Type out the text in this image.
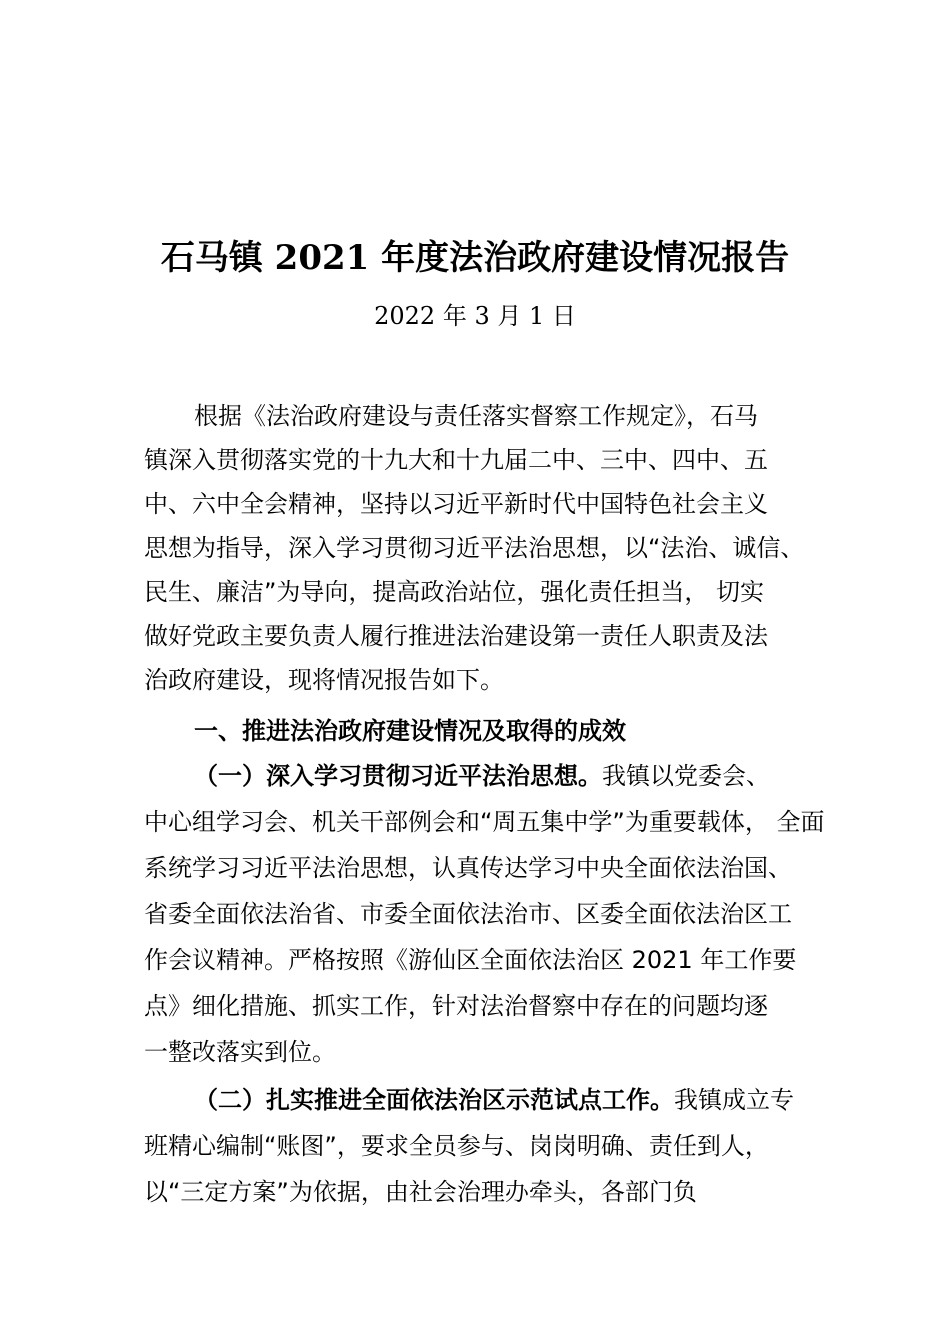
石马镇 2021 年度法治政府建设情况报告
2022 年 3 月 1 日
根据《法治政府建设与责任落实督察工作规定》，石马
镇深入贯彻落实党的十九大和十九届二中、三中、四中、五
中、六中全会精神，坚持以习近平新时代中国特色社会主义
思想为指导，深入学习贯彻习近平法治思想，以“法治、诚信、
民生、廉洁”为导向，提高政治站位，强化责任担当， 切实
做好党政主要负责人履行推进法治建设第一责任人职责及法
治政府建设，现将情况报告如下。
一、推进法治政府建设情况及取得的成效
（一）深入学习贯彻习近平法治思想。我镇以党委会、
中心组学习会、机关干部例会和“周五集中学”为重要载体， 全面
系统学习习近平法治思想，认真传达学习中央全面依法治国、
省委全面依法治省、市委全面依法治市、区委全面依法治区工
作会议精神。严格按照《游仙区全面依法治区 2021 年工作要
点》细化措施、抓实工作，针对法治督察中存在的问题均逐
一整改落实到位。
（二）扎实推进全面依法治区示范试点工作。我镇成立专
班精心编制“账图”，要求全员参与、岗岗明确、责任到人，
以“三定方案”为依据，由社会治理办牵头，各部门负
